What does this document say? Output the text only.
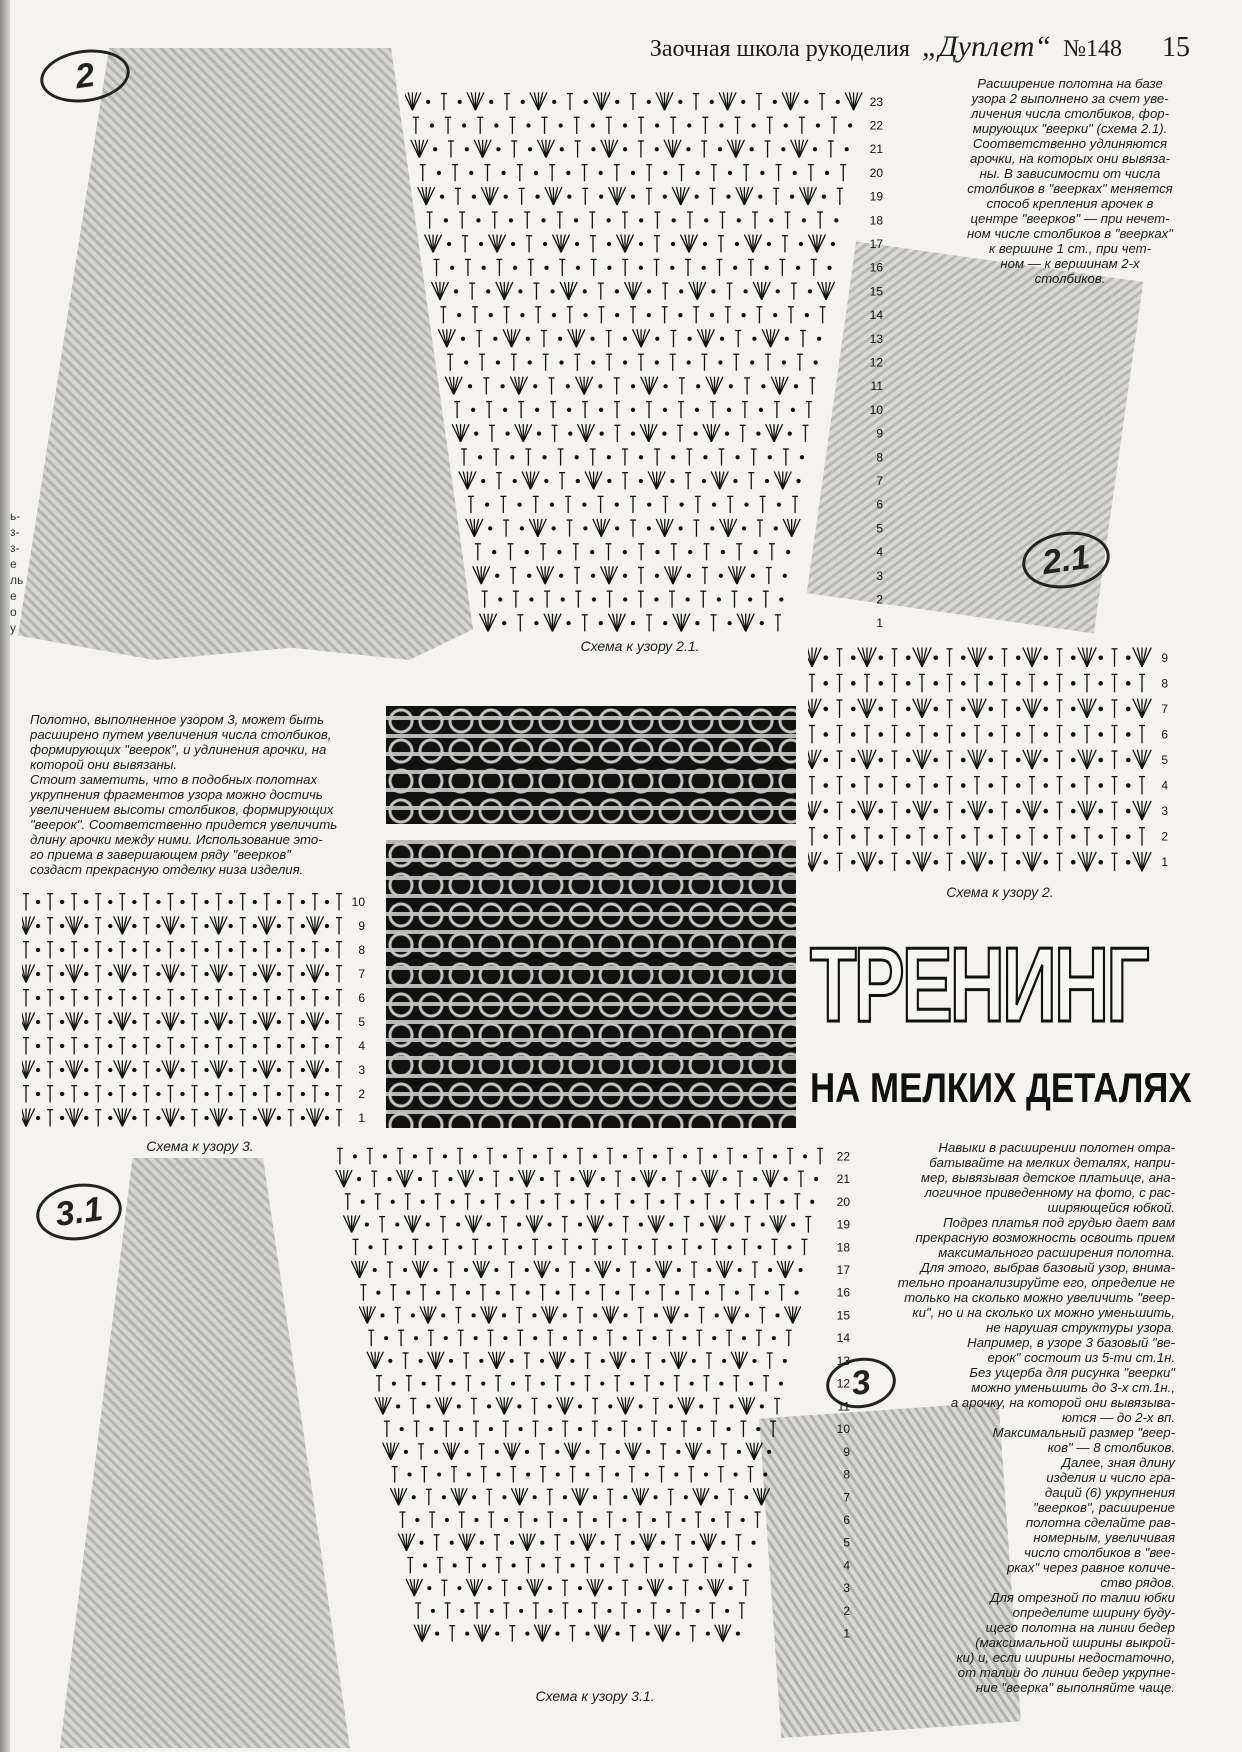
ь-
з-
з-
е
ль
е
о
у
Заочная школа рукоделия „Дуплет“ №148 15
2
2.1
3.1
3
1
2
3
4
5
6
7
8
9
10
11
12
13
14
15
16
17
18
19
20
21
22
23
Схема к узору 2.1.
1
2
3
4
5
6
7
8
9
Схема к узору 2.
1
2
3
4
5
6
7
8
9
10
Схема к узору 3.
1
2
3
4
5
6
7
8
9
10
11
12
13
14
15
16
17
18
19
20
21
22
Схема к узору 3.1.
Расширение полотна на базе
узора 2 выполнено за счет уве-
личения числа столбиков, фор-
мирующих "веерки" (схема 2.1).
Соответственно удлиняются
арочки, на которых они вывяза-
ны. В зависимости от числа
столбиков в "веерках" меняется
способ крепления арочек в
центре "веерков" — при нечет-
ном числе столбиков в "веерках"
к вершине 1 ст., при чет-
ном — к вершинам 2-х
столбиков.
Полотно, выполненное узором 3, может быть
расширено путем увеличения числа столбиков,
формирующих "веерок", и удлинения арочки, на
которой они вывязаны.
Стоит заметить, что в подобных полотнах
укрупнения фрагментов узора можно достичь
увеличением высоты столбиков, формирующих
"веерок". Соответственно придется увеличить
длину арочки между ними. Использование это-
го приема в завершающем ряду "веерков"
создаст прекрасную отделку низа изделия.
ТРЕНИНГ
НА МЕЛКИХ ДЕТАЛЯХ
Навыки в расширении полотен отра-
батывайте на мелких деталях, напри-
мер, вывязывая детское платьице, ана-
логичное приведенному на фото, с рас-
ширяющейся юбкой.
Подрез платья под грудью дает вам
прекрасную возможность освоить прием
максимального расширения полотна.
Для этого, выбрав базовый узор, внима-
тельно проанализируйте его, определие не
только на сколько можно увеличить "веер-
ки", но и на сколько их можно уменьшить,
не нарушая структуры узора.
Например, в узоре 3 базовый "ве-
ерок" состоит из 5-ти ст.1н.
Без ущерба для рисунка "веерки"
можно уменьшить до 3-х ст.1н.,
а арочку, на которой они вывязыва-
ются — до 2-х вп.
Максимальный размер "веер-
ков" — 8 столбиков.
Далее, зная длину
изделия и число гра-
даций (6) укрупнения
"веерков", расширение
полотна сделайте рав-
номерным, увеличивая
число столбиков в "вее-
рках" через равное количе-
ство рядов.
Для отрезной по талии юбки
определите ширину буду-
щего полотна на линии бедер
(максимальной ширины выкрой-
ки) и, если ширины недостаточно,
от талии до линии бедер укрупне-
ние "веерка" выполняйте чаще.
